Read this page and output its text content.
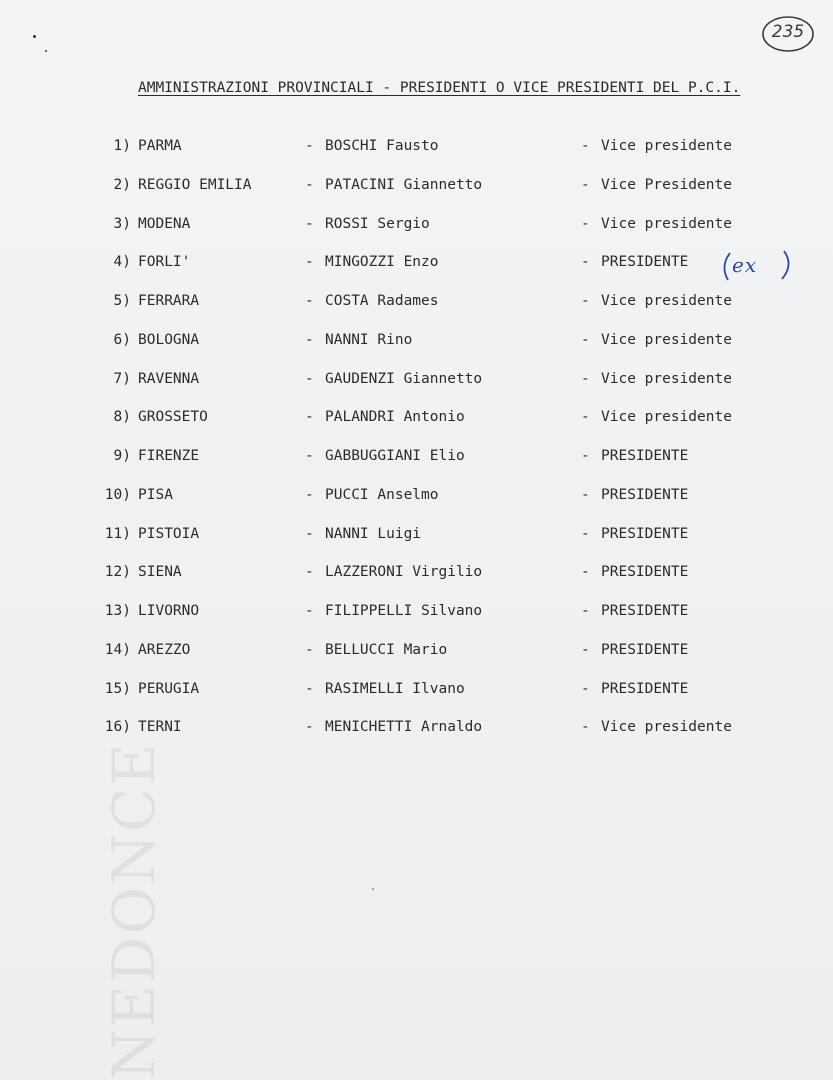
NEDONCE
235
AMMINISTRAZIONI PROVINCIALI - PRESIDENTI O VICE PRESIDENTI DEL P.C.I.
1) PARMA	- BOSCHI Fausto	- Vice presidente
2) REGGIO EMILIA	- PATACINI Giannetto	- Vice Presidente
3) MODENA	- ROSSI Sergio	- Vice presidente
4) FORLI'	- MINGOZZI Enzo	- PRESIDENTE
5) FERRARA	- COSTA Radames	- Vice presidente
6) BOLOGNA	- NANNI Rino	- Vice presidente
7) RAVENNA	- GAUDENZI Giannetto	- Vice presidente
8) GROSSETO	- PALANDRI Antonio	- Vice presidente
9) FIRENZE	- GABBUGGIANI Elio	- PRESIDENTE
10) PISA	- PUCCI Anselmo	- PRESIDENTE
11) PISTOIA	- NANNI Luigi	- PRESIDENTE
12) SIENA	- LAZZERONI Virgilio	- PRESIDENTE
13) LIVORNO	- FILIPPELLI Silvano	- PRESIDENTE
14) AREZZO	- BELLUCCI Mario	- PRESIDENTE
15) PERUGIA	- RASIMELLI Ilvano	- PRESIDENTE
16) TERNI	- MENICHETTI Arnaldo	- Vice presidente
ex
